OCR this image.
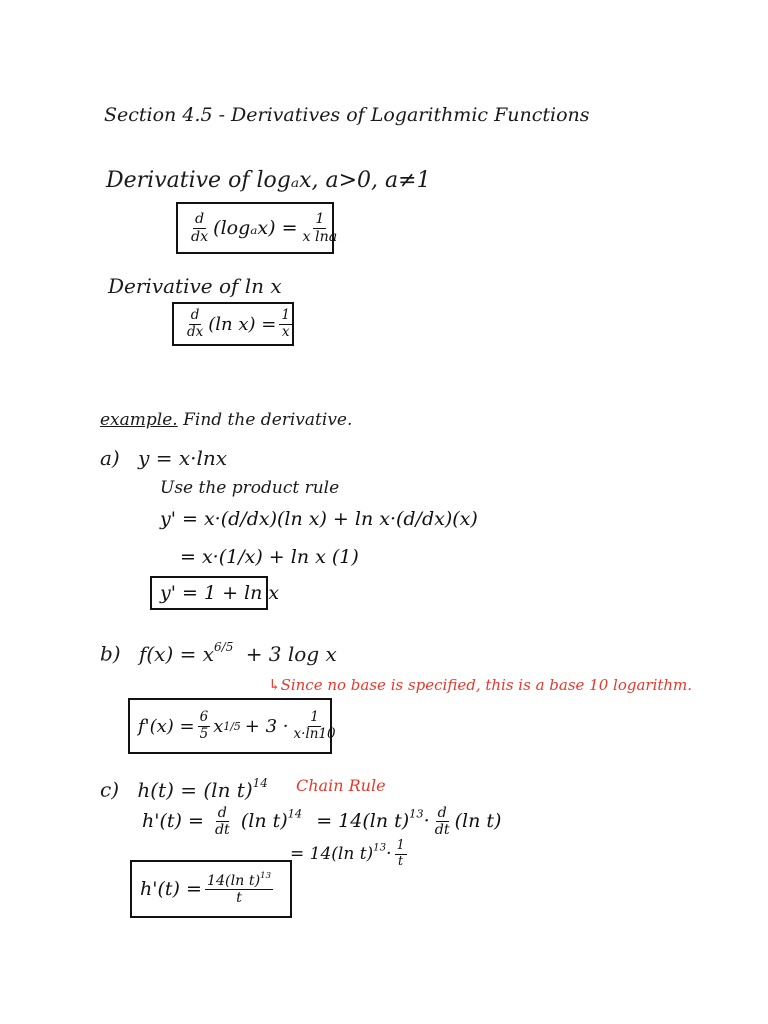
Section 4.5 - Derivatives of Logarithmic Functions
Derivative of logₐx, a>0, a≠1
$\frac{d}{dx} (\log_ax) = \frac{1}{\text{x lna}}$
Derivative of ln x
$\frac{d}{dx} (\ln$ $x) = \frac{1}{x}$
example. Find the derivative.
a) y = x·lnx
Use the product rule
y' = x·(d/dx)(ln x) + ln x·(d/dx)(x)
= x·(1/x) + ln x (1)
y' = 1 + ln x
b) $f(x) = x^{6/5} + 3$ log x
↳Since no base is specified, this is a base 10 logarithm.
$f'(x) = \frac{6}{5}$ x $1/5 + 3 \cdot \frac{1}{x\cdot\ln 10}$
c) h(t) = (ln t)$^{14}$ Chain Rule
$h'(t) = \frac{d}{dt} (\ln$ t)$^{14}$ = 14(ln $t)^{13}\cdot \frac{d}{dt} (\ln$ t)
= 14(ln $t)^{13}\cdot \frac{1}{t}$
$h'(t) = \frac{14(\ln t)^{13}}{t}$
